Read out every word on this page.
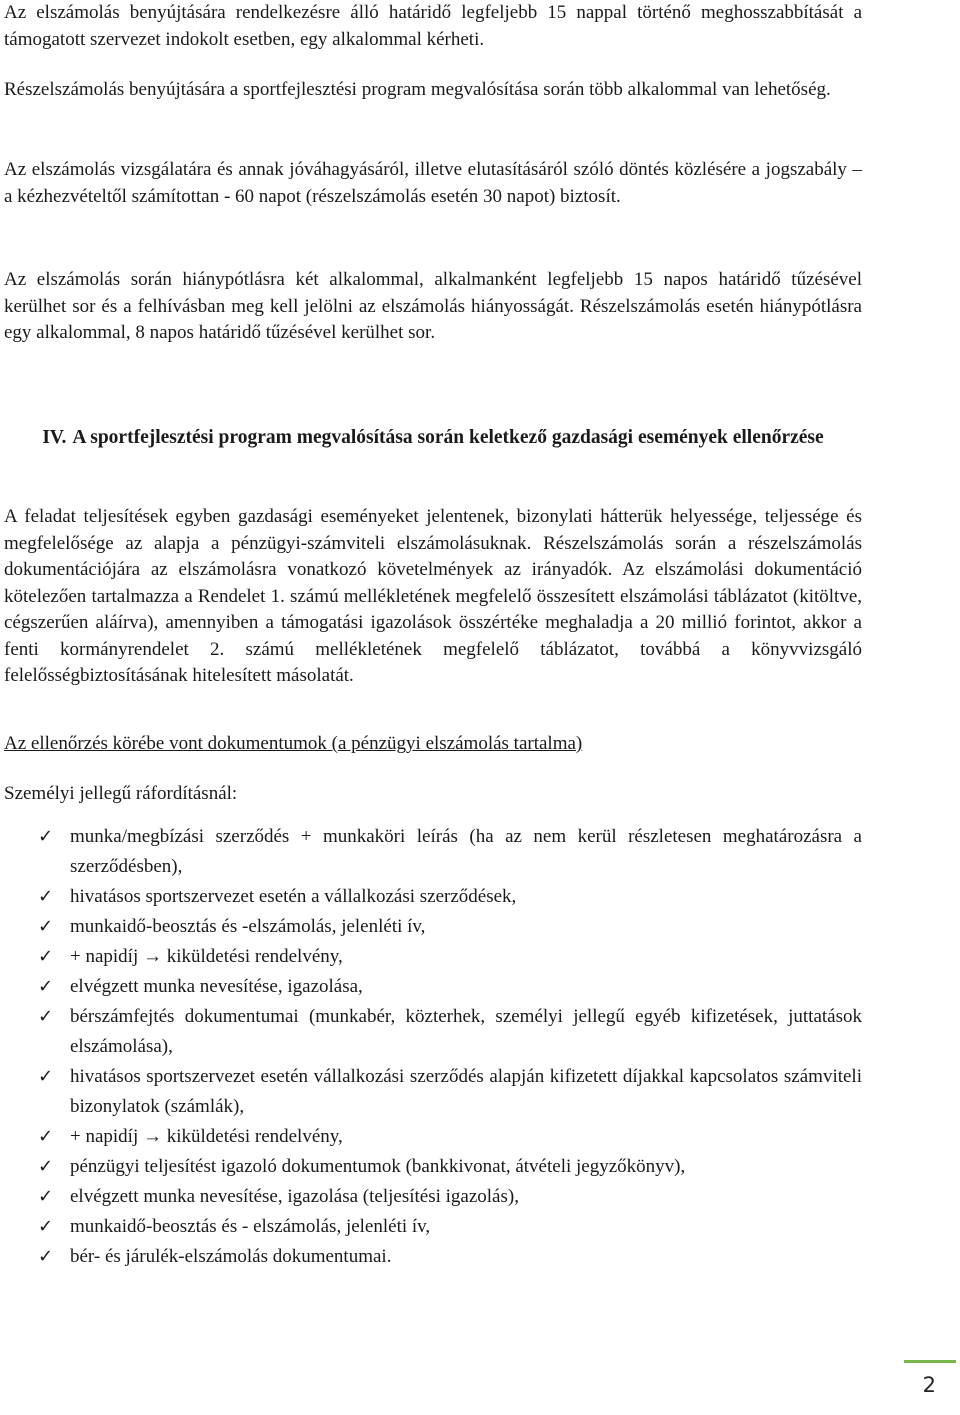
Az elszámolás benyújtására rendelkezésre álló határidő legfeljebb 15 nappal történő meghosszabbítását a támogatott szervezet indokolt esetben, egy alkalommal kérheti.

Részelszámolás benyújtására a sportfejlesztési program megvalósítása során több alkalommal van lehetőség.

Az elszámolás vizsgálatára és annak jóváhagyásáról, illetve elutasításáról szóló döntés közlésére a jogszabály – a kézhezvételtől számítottan - 60 napot (részelszámolás esetén 30 napot) biztosít.

Az elszámolás során hiánypótlásra két alkalommal, alkalmanként legfeljebb 15 napos határidő tűzésével kerülhet sor és a felhívásban meg kell jelölni az elszámolás hiányosságát. Részelszámolás esetén hiánypótlásra egy alkalommal, 8 napos határidő tűzésével kerülhet sor.

IV. A sportfejlesztési program megvalósítása során keletkező gazdasági események ellenőrzése

A feladat teljesítések egyben gazdasági eseményeket jelentenek, bizonylati hátterük helyessége, teljessége és megfelelősége az alapja a pénzügyi-számviteli elszámolásuknak. Részelszámolás során a részelszámolás dokumentációjára az elszámolásra vonatkozó követelmények az irányadók. Az elszámolási dokumentáció kötelezően tartalmazza a Rendelet 1. számú mellékletének megfelelő összesített elszámolási táblázatot (kitöltve, cégszerűen aláírva), amennyiben a támogatási igazolások összértéke meghaladja a 20 millió forintot, akkor a fenti kormányrendelet 2. számú mellékletének megfelelő táblázatot, továbbá a könyvvizsgáló felelősségbiztosításának hitelesített másolatát.

Az ellenőrzés körébe vont dokumentumok (a pénzügyi elszámolás tartalma)
Személyi jellegű ráfordításnál:
✓ munka/megbízási szerződés + munkaköri leírás (ha az nem kerül részletesen meghatározásra a szerződésben),
✓ hivatásos sportszervezet esetén a vállalkozási szerződések,
✓ munkaidő-beosztás és -elszámolás, jelenléti ív,
✓ + napidíj → kiküldetési rendelvény,
✓ elvégzett munka nevesítése, igazolása,
✓ bérszámfejtés dokumentumai (munkabér, közterhek, személyi jellegű egyéb kifizetések, juttatások elszámolása),
✓ hivatásos sportszervezet esetén vállalkozási szerződés alapján kifizetett díjakkal kapcsolatos számviteli bizonylatok (számlák),
✓ + napidíj → kiküldetési rendelvény,
✓ pénzügyi teljesítést igazoló dokumentumok (bankkivonat, átvételi jegyzőkönyv),
✓ elvégzett munka nevesítése, igazolása (teljesítési igazolás),
✓ munkaidő-beosztás és - elszámolás, jelenléti ív,
✓ bér- és járulék-elszámolás dokumentumai.
2
